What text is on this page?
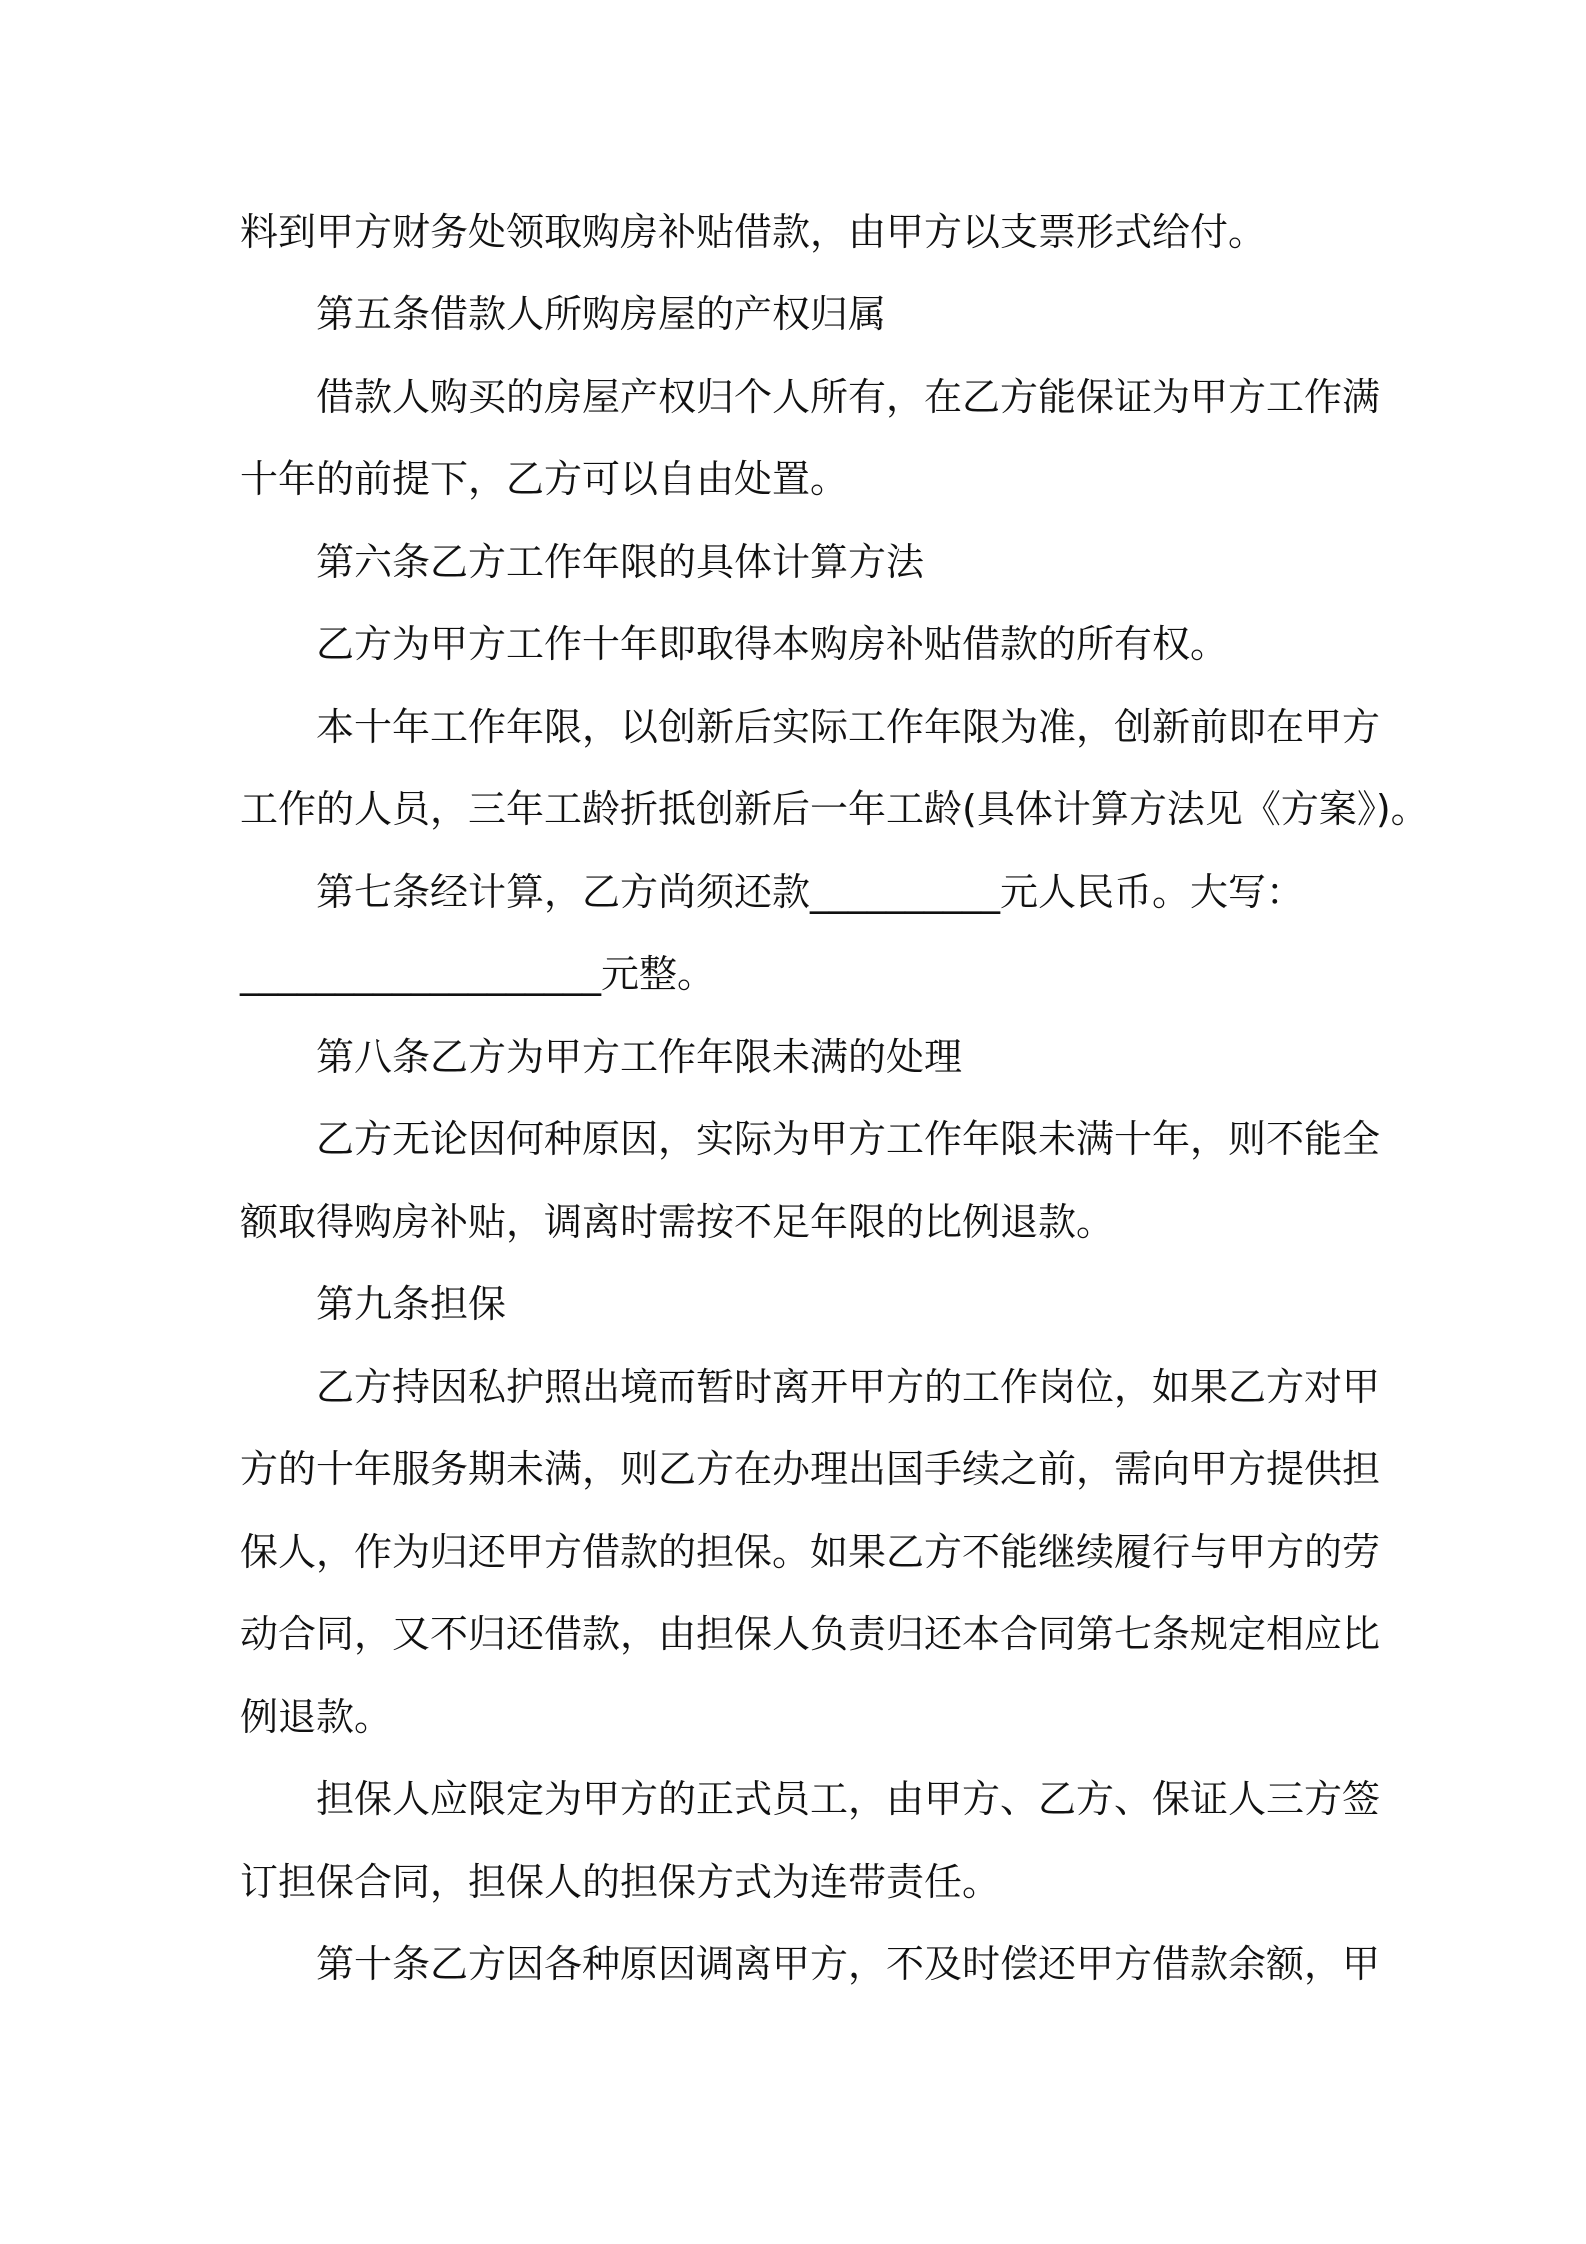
料到甲方财务处领取购房补贴借款，由甲方以支票形式给付。
第五条借款人所购房屋的产权归属
借款人购买的房屋产权归个人所有，在乙方能保证为甲方工作满
十年的前提下，乙方可以自由处置。
第六条乙方工作年限的具体计算方法
乙方为甲方工作十年即取得本购房补贴借款的所有权。
本十年工作年限，以创新后实际工作年限为准，创新前即在甲方
工作的人员，三年工龄折抵创新后一年工龄(具体计算方法见《方案》)。
第七条经计算，乙方尚须还款__________元人民币。大写：
___________________元整。
第八条乙方为甲方工作年限未满的处理
乙方无论因何种原因，实际为甲方工作年限未满十年，则不能全
额取得购房补贴，调离时需按不足年限的比例退款。
第九条担保
乙方持因私护照出境而暂时离开甲方的工作岗位，如果乙方对甲
方的十年服务期未满，则乙方在办理出国手续之前，需向甲方提供担
保人，作为归还甲方借款的担保。如果乙方不能继续履行与甲方的劳
动合同，又不归还借款，由担保人负责归还本合同第七条规定相应比
例退款。
担保人应限定为甲方的正式员工，由甲方、乙方、保证人三方签
订担保合同，担保人的担保方式为连带责任。
第十条乙方因各种原因调离甲方，不及时偿还甲方借款余额，甲
